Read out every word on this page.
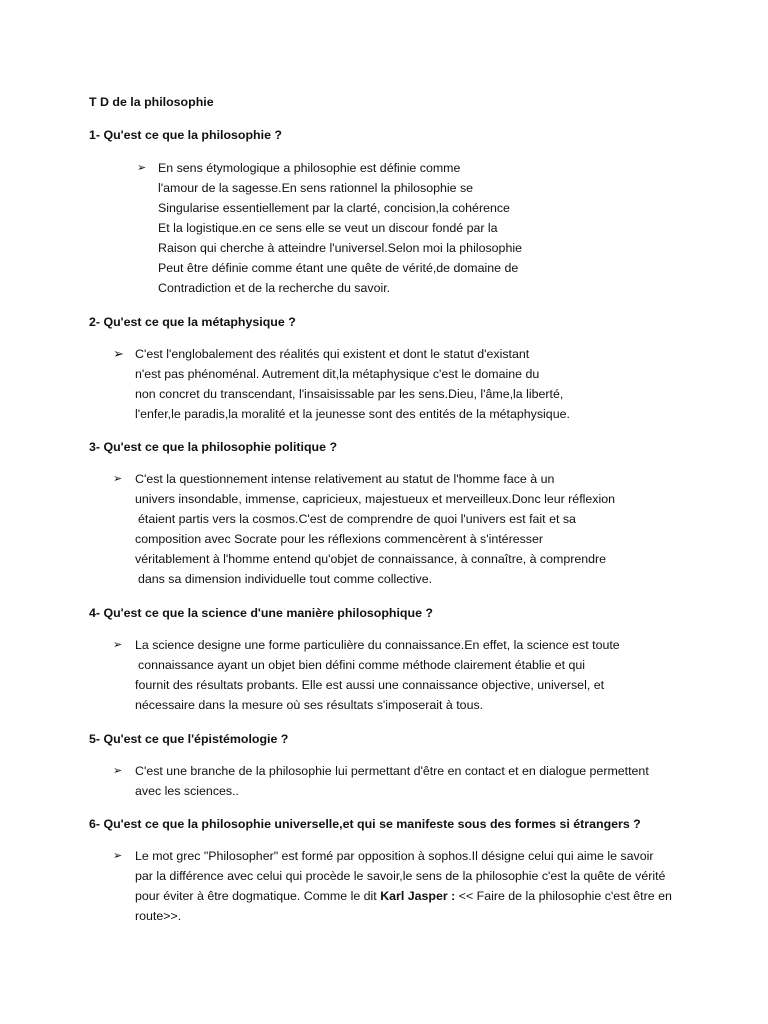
T D de la philosophie
1- Qu'est ce que la philosophie ?
➢ En sens étymologique a philosophie est définie comme
l'amour de la sagesse.En sens rationnel la philosophie se
Singularise essentiellement par la clarté, concision,la cohérence
Et la logistique.en ce sens elle se veut un discour fondé par la
Raison qui cherche à atteindre l'universel.Selon moi la philosophie
Peut être définie comme étant une quête de vérité,de domaine de
Contradiction et de la recherche du savoir.
2- Qu'est ce que la métaphysique ?
➢ C'est l'englobalement des réalités qui existent et dont le statut d'existant
n'est pas phénoménal. Autrement dit,la métaphysique c'est le domaine du
non concret du transcendant, l'insaisissable par les sens.Dieu, l'âme,la liberté,
l'enfer,le paradis,la moralité et la jeunesse sont des entités de la métaphysique.
3- Qu'est ce que la philosophie politique ?
➢	C'est la questionnement intense relativement au statut de l'homme face à un
univers insondable, immense, capricieux, majestueux et merveilleux.Donc leur réflexion
étaient partis vers la cosmos.C'est de comprendre de quoi l'univers est fait et sa
composition avec Socrate pour les réflexions commencèrent à s'intéresser
véritablement à l'homme entend qu'objet de connaissance, à connaître, à comprendre
dans sa dimension individuelle tout comme collective.
4- Qu'est ce que la science d'une manière philosophique ?
➢	La science designe une forme particulière du connaissance.En effet, la science est toute
connaissance ayant un objet bien défini comme méthode clairement établie et qui
fournit des résultats probants. Elle est aussi une connaissance objective, universel, et
nécessaire dans la mesure où ses résultats s'imposerait à tous.
5- Qu'est ce que l'épistémologie ?
➢	C'est une branche de la philosophie lui permettant d'être en contact et en dialogue permettent
avec les sciences..
6- Qu'est ce que la philosophie universelle,et qui se manifeste sous des formes si étrangers ?
➢	Le mot grec "Philosopher" est formé par opposition à sophos.Il désigne celui qui aime le savoir
par la différence avec celui qui procède le savoir,le sens de la philosophie c'est la quête de vérité
pour éviter à être dogmatique. Comme le dit Karl Jasper : << Faire de la philosophie c'est être en
route>>.
